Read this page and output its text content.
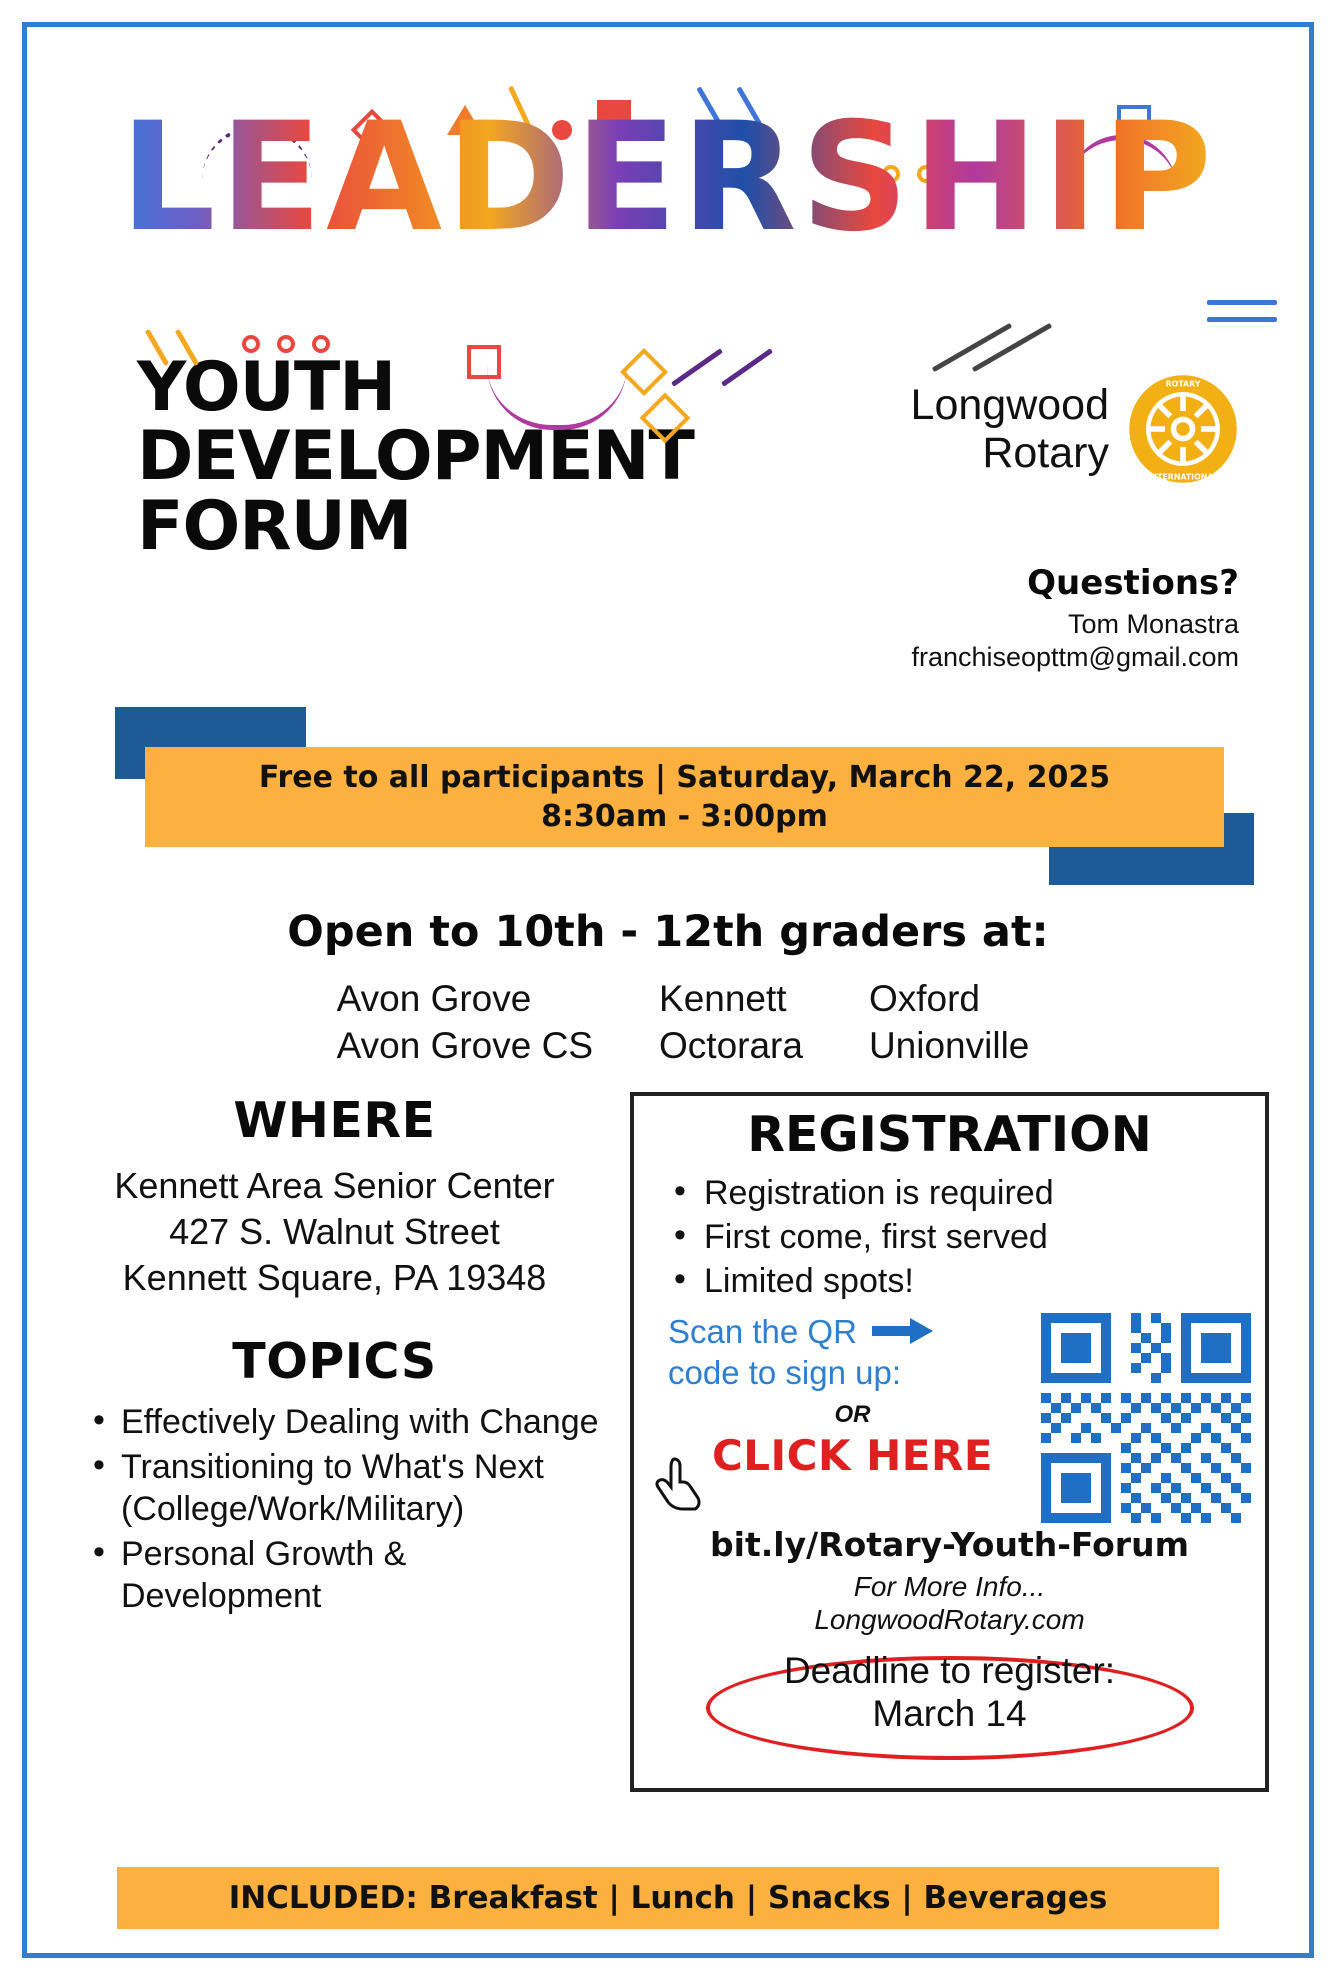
LEADERSHIP
YOUTH
DEVELOPMENT
FORUM
Longwood
Rotary
ROTARY
INTERNATIONAL
Questions?
Tom Monastra
franchiseopttm@gmail.com
Free to all participants | Saturday, March 22, 2025
8:30am - 3:00pm
Open to 10th - 12th graders at:
Avon Grove
Avon Grove CS
Kennett
Octorara
Oxford
Unionville
WHERE
Kennett Area Senior Center
427 S. Walnut Street
Kennett Square, PA 19348
TOPICS
• Effectively Dealing with Change
• Transitioning to What's Next (College/Work/Military)
• Personal Growth & Development
REGISTRATION
• Registration is required
• First come, first served
• Limited spots!
Scan the QR
code to sign up:
OR
CLICK HERE
bit.ly/Rotary-Youth-Forum
For More Info...
LongwoodRotary.com
Deadline to register:
March 14
INCLUDED: Breakfast | Lunch | Snacks | Beverages
